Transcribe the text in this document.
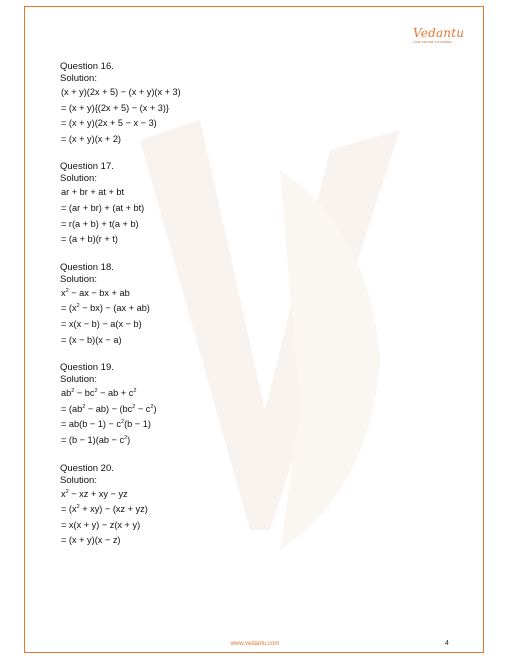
Vedantu
LIVE ONLINE TUTORING
Question 16.
Solution:
(x + y)(2x + 5) − (x + y)(x + 3)
= (x + y){(2x + 5) − (x + 3)}
= (x + y)(2x + 5 − x − 3)
= (x + y)(x + 2)
Question 17.
Solution:
ar + br + at + bt
= (ar + br) + (at + bt)
= r(a + b) + t(a + b)
= (a + b)(r + t)
Question 18.
Solution:
$x^2$ − ax − bx + ab
= $(x^2 - bx) - (ax + ab)$
= x(x − b) − a(x − b)
= (x − b)(x − a)
Question 19.
Solution:
$ab^2 - bc^2$ − ab + $c^2$
= $(ab^2 - ab) - (bc^2 - c^2)$
= $ab(b - 1) - c^2(b - 1)$
= $(b - 1)(ab - c^2)$
Question 20.
Solution:
$x^2$ − xz + xy − yz
= $(x^2 + xy) - (xz + yz)$
= x(x + y) − z(x + y)
= (x + y)(x − z)
www.vedantu.com	4
